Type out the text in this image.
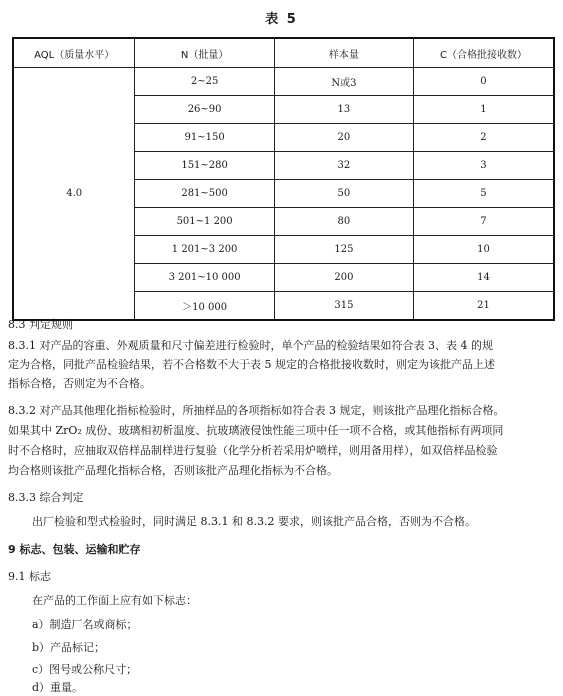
表 5
AQL（质量水平）	N（批量）	样本量	C（合格批接收数）
4.0	2~25	N或3	0
	26~90	13	1
	91~150	20	2
	151~280	32	3
	281~500	50	5
	501~1 200	80	7
	1 201~3 200	125	10
	3 201~10 000	200	14
	＞10 000	315	21
8.3 判定规则
8.3.1 对产品的容重、外观质量和尺寸偏差进行检验时，单个产品的检验结果如符合表 3、表 4 的规
定为合格，同批产品检验结果，若不合格数不大于表 5 规定的合格批接收数时，则定为该批产品上述
指标合格，否则定为不合格。
8.3.2 对产品其他理化指标检验时，所抽样品的各项指标如符合表 3 规定，则该批产品理化指标合格。
如果其中 ZrO₂ 成份、玻璃相初析温度、抗玻璃液侵蚀性能三项中任一项不合格，或其他指标有两项同
时不合格时，应抽取双倍样品制样进行复验（化学分析若采用炉喷样，则用备用样），如双倍样品检验
均合格则该批产品理化指标合格，否则该批产品理化指标为不合格。
8.3.3 综合判定
出厂检验和型式检验时，同时满足 8.3.1 和 8.3.2 要求，则该批产品合格，否则为不合格。
9 标志、包装、运输和贮存
9.1 标志
在产品的工作面上应有如下标志：
a）制造厂名或商标；
b）产品标记；
c）图号或公称尺寸；
d）重量。
